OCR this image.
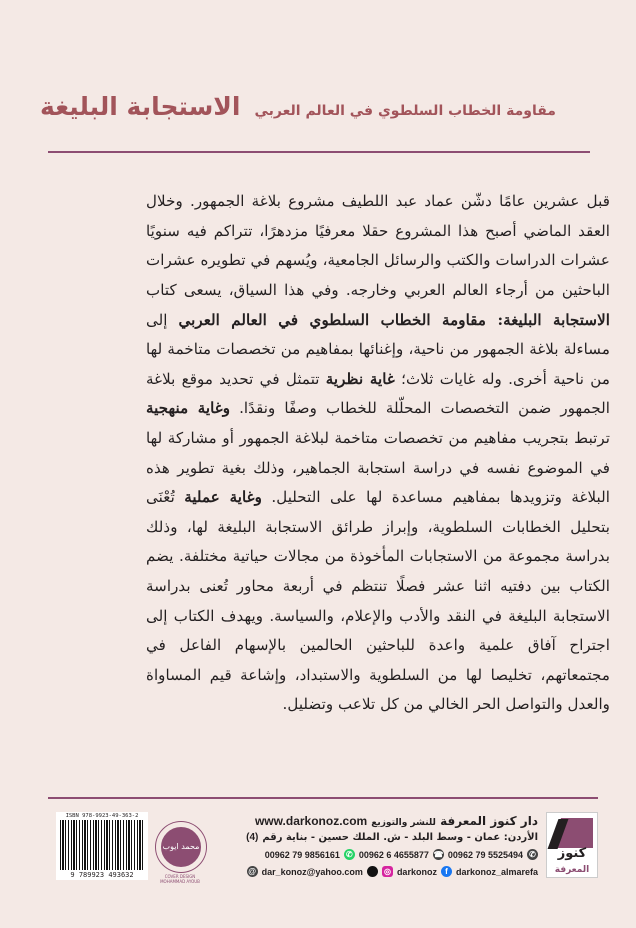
الاستجابة البليغة مقاومة الخطاب السلطوي في العالم العربي

قبل عشرين عامًا دشّن عماد عبد اللطيف مشروع بلاغة الجمهور. وخلال العقد الماضي أصبح هذا المشروع حقلا معرفيًا مزدهرًا، تتراكم فيه سنويًا عشرات الدراسات والكتب والرسائل الجامعية، ويُسهم في تطويره عشرات الباحثين من أرجاء العالم العربي وخارجه. وفي هذا السياق، يسعى كتاب الاستجابة البليغة: مقاومة الخطاب السلطوي في العالم العربي إلى مساءلة بلاغة الجمهور من ناحية، وإغنائها بمفاهيم من تخصصات متاخمة لها من ناحية أخرى. وله غايات ثلاث؛ غاية نظرية تتمثل في تحديد موقع بلاغة الجمهور ضمن التخصصات المحلّلة للخطاب وصفًا ونقدًا. وغاية منهجية ترتبط بتجريب مفاهيم من تخصصات متاخمة لبلاغة الجمهور أو مشاركة لها في الموضوع نفسه في دراسة استجابة الجماهير، وذلك بغية تطوير هذه البلاغة وتزويدها بمفاهيم مساعدة لها على التحليل. وغاية عملية تُعْنَى بتحليل الخطابات السلطوية، وإبراز طرائق الاستجابة البليغة لها، وذلك بدراسة مجموعة من الاستجابات المأخوذة من مجالات حياتية مختلفة. يضم الكتاب بين دفتيه اثنا عشر فصلًا تنتظم في أربعة محاور تُعنى بدراسة الاستجابة البليغة في النقد والأدب والإعلام، والسياسة. ويهدف الكتاب إلى اجتراح آفاق علمية واعدة للباحثين الحالمين بالإسهام الفاعل في مجتمعاتهم، تخليصا لها من السلطوية والاستبداد، وإشاعة قيم المساواة والعدل والتواصل الحر الخالي من كل تلاعب وتضليل.

كنوز
المعرفة
محمد ايوب
COVER DESIGN MOHAMMAD AYOUB
ISBN 978-9923-49-363-2
9 789923 493632
www.darkonoz.com	دار كنوز المعرفة للنشر والتوزيع
(4) الأردن: عمان - وسط البلد - ش. الملك حسين - بناية رقم
00962 79 9856161 ✆ 00962 6 4655877 ☎ 00962 79 5525494 ✆
@ dar_konoz@yahoo.com	◎ darkonoz	f darkonoz_almarefa
